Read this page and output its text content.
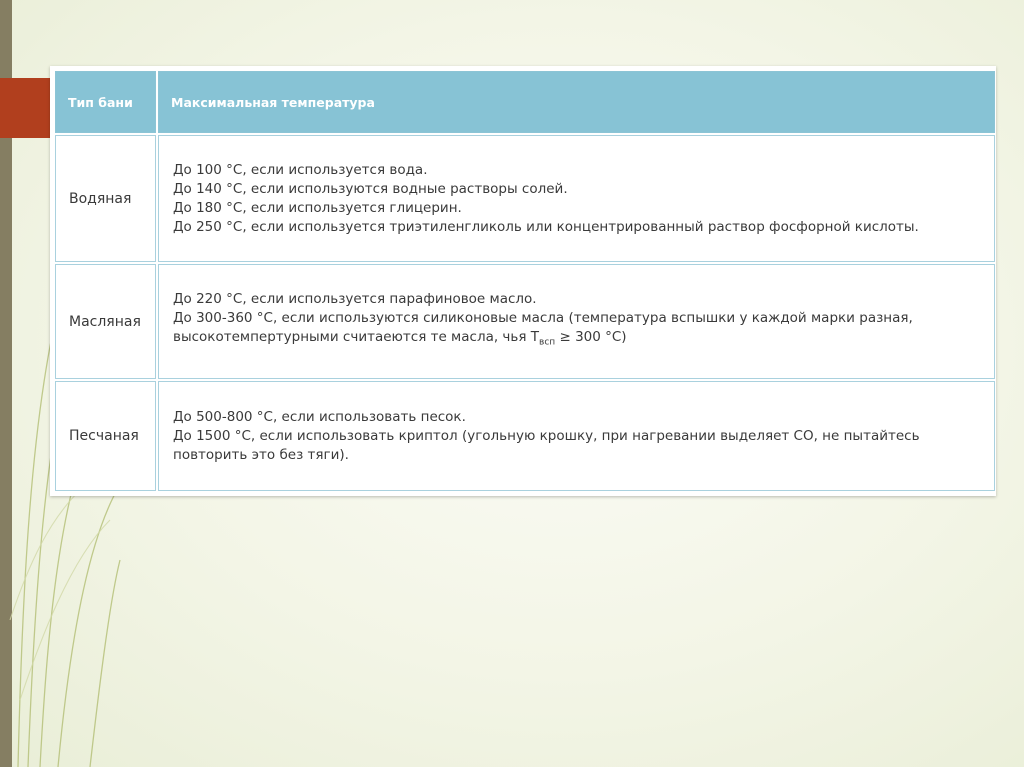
Тип бани	Максимальная температура
Водяная	До 100 °С, если используется вода.
До 140 °С, если используются водные растворы солей.
До 180 °С, если используется глицерин.
До 250 °С, если используется триэтиленгликоль или концентрированный раствор фосфорной кислоты.

Масляная	До 220 °С, если используется парафиновое масло.
До 300-360 °С, если используются силиконовые масла (температура вспышки у каждой марки разная,
высокотемпертурными считаеются те масла, чья $Т_{всп} \ge 300$ °С)

Песчаная	До 500-800 °С, если использовать песок.
До 1500 °С, если использовать криптол (угольную крошку, при нагревании выделяет СО, не пытайтесь
повторить это без тяги).
